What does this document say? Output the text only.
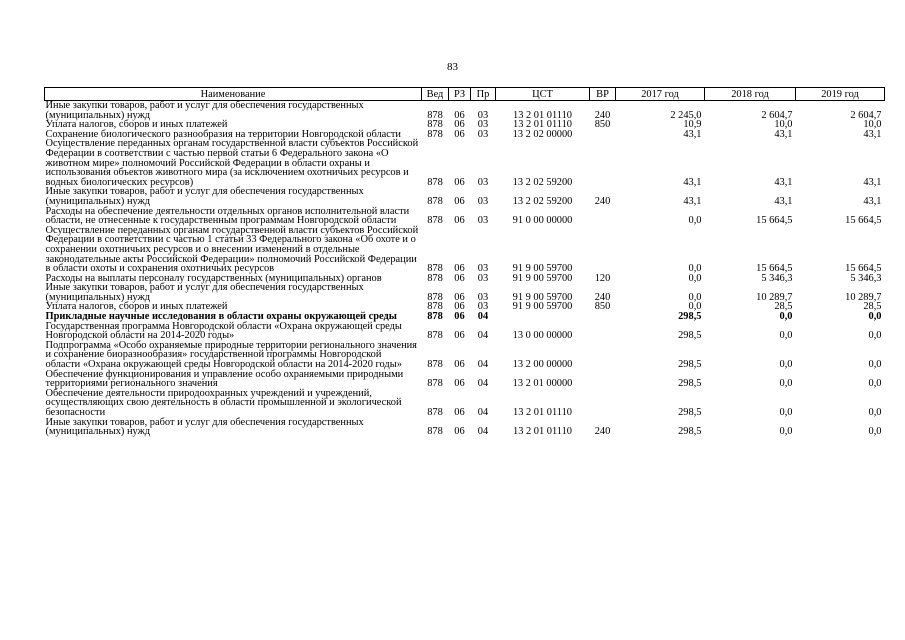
83
Наименование	Вед	РЗ	Пр	ЦСТ	ВР	2017 год	2018 год	2019 год
Иные закупки товаров, работ и услуг для обеспечения государственных (муниципальных) нужд	878	06	03	13 2 01 01110	240	2 245,0	2 604,7	2 604,7
Уплата налогов, сборов и иных платежей	878	06	03	13 2 01 01110	850	10,9	10,0	10,0
Сохранение биологического разнообразия на территории Новгородской области	878	06	03	13 2 02 00000		43,1	43,1	43,1
Осуществление переданных органам государственной власти субъектов Российской Федерации в соответствии с частью первой статьи 6 Федерального закона «О животном мире» полномочий Российской Федерации в области охраны и использования объектов животного мира (за исключением охотничьих ресурсов и водных биологических ресурсов)	878	06	03	13 2 02 59200		43,1	43,1	43,1
Иные закупки товаров, работ и услуг для обеспечения государственных (муниципальных) нужд	878	06	03	13 2 02 59200	240	43,1	43,1	43,1
Расходы на обеспечение деятельности отдельных органов исполнительной власти области, не отнесенные к государственным программам Новгородской области	878	06	03	91 0 00 00000		0,0	15 664,5	15 664,5
Осуществление переданных органам государственной власти субъектов Российской Федерации в соответствии с частью 1 статьи 33 Федерального закона «Об охоте и о сохранении охотничьих ресурсов и о внесении изменений в отдельные законодательные акты Российской Федерации» полномочий Российской Федерации в области охоты и сохранения охотничьих ресурсов	878	06	03	91 9 00 59700		0,0	15 664,5	15 664,5
Расходы на выплаты персоналу государственных (муниципальных) органов	878	06	03	91 9 00 59700	120	0,0	5 346,3	5 346,3
Иные закупки товаров, работ и услуг для обеспечения государственных (муниципальных) нужд	878	06	03	91 9 00 59700	240	0,0	10 289,7	10 289,7
Уплата налогов, сборов и иных платежей	878	06	03	91 9 00 59700	850	0,0	28,5	28,5
Прикладные научные исследования в области охраны окружающей среды	878	06	04			298,5	0,0	0,0
Государственная программа Новгородской области «Охрана окружающей среды Новгородской области на 2014-2020 годы»	878	06	04	13 0 00 00000		298,5	0,0	0,0
Подпрограмма «Особо охраняемые природные территории регионального значения и сохранение биоразнообразия» государственной программы Новгородской области «Охрана окружающей среды Новгородской области на 2014-2020 годы»	878	06	04	13 2 00 00000		298,5	0,0	0,0
Обеспечение функционирования и управление особо охраняемыми природными территориями регионального значения	878	06	04	13 2 01 00000		298,5	0,0	0,0
Обеспечение деятельности природоохранных учреждений и учреждений, осуществляющих свою деятельность в области промышленной и экологической безопасности	878	06	04	13 2 01 01110		298,5	0,0	0,0
Иные закупки товаров, работ и услуг для обеспечения государственных (муниципальных) нужд	878	06	04	13 2 01 01110	240	298,5	0,0	0,0
